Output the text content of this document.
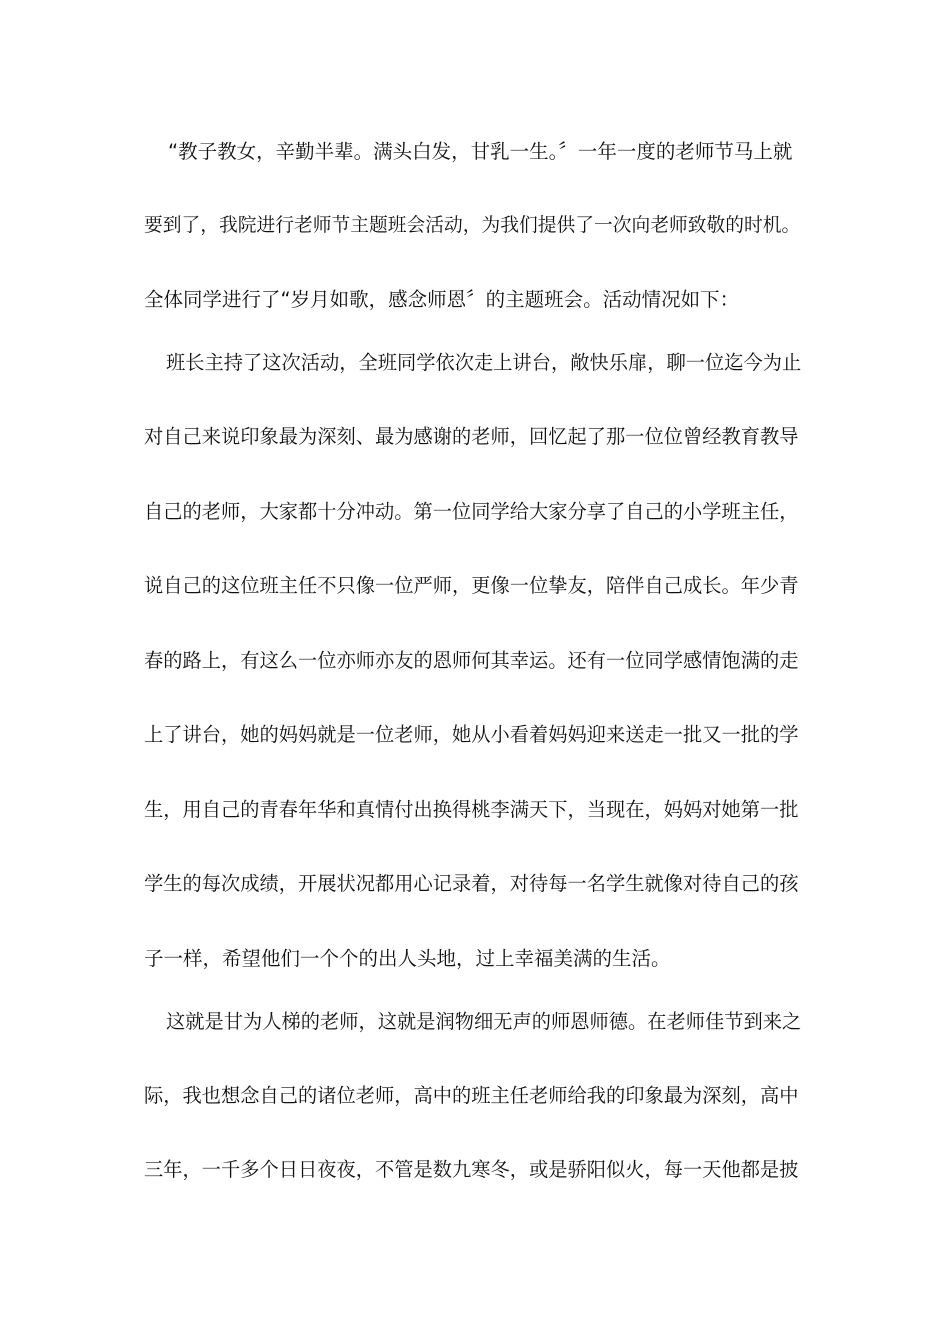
“教子教女，辛勤半辈。满头白发，甘乳一生。〞一年一度的老师节马上就
要到了，我院进行老师节主题班会活动，为我们提供了一次向老师致敬的时机。
全体同学进行了“岁月如歌，感念师恩〞的主题班会。活动情况如下：
班长主持了这次活动，全班同学依次走上讲台，敞快乐扉，聊一位迄今为止
对自己来说印象最为深刻、最为感谢的老师，回忆起了那一位位曾经教育教导
自己的老师，大家都十分冲动。第一位同学给大家分享了自己的小学班主任，
说自己的这位班主任不只像一位严师，更像一位挚友，陪伴自己成长。年少青
春的路上，有这么一位亦师亦友的恩师何其幸运。还有一位同学感情饱满的走
上了讲台，她的妈妈就是一位老师，她从小看着妈妈迎来送走一批又一批的学
生，用自己的青春年华和真情付出换得桃李满天下，当现在，妈妈对她第一批
学生的每次成绩，开展状况都用心记录着，对待每一名学生就像对待自己的孩
子一样，希望他们一个个的出人头地，过上幸福美满的生活。
这就是甘为人梯的老师，这就是润物细无声的师恩师德。在老师佳节到来之
际，我也想念自己的诸位老师，高中的班主任老师给我的印象最为深刻，高中
三年，一千多个日日夜夜，不管是数九寒冬，或是骄阳似火，每一天他都是披
